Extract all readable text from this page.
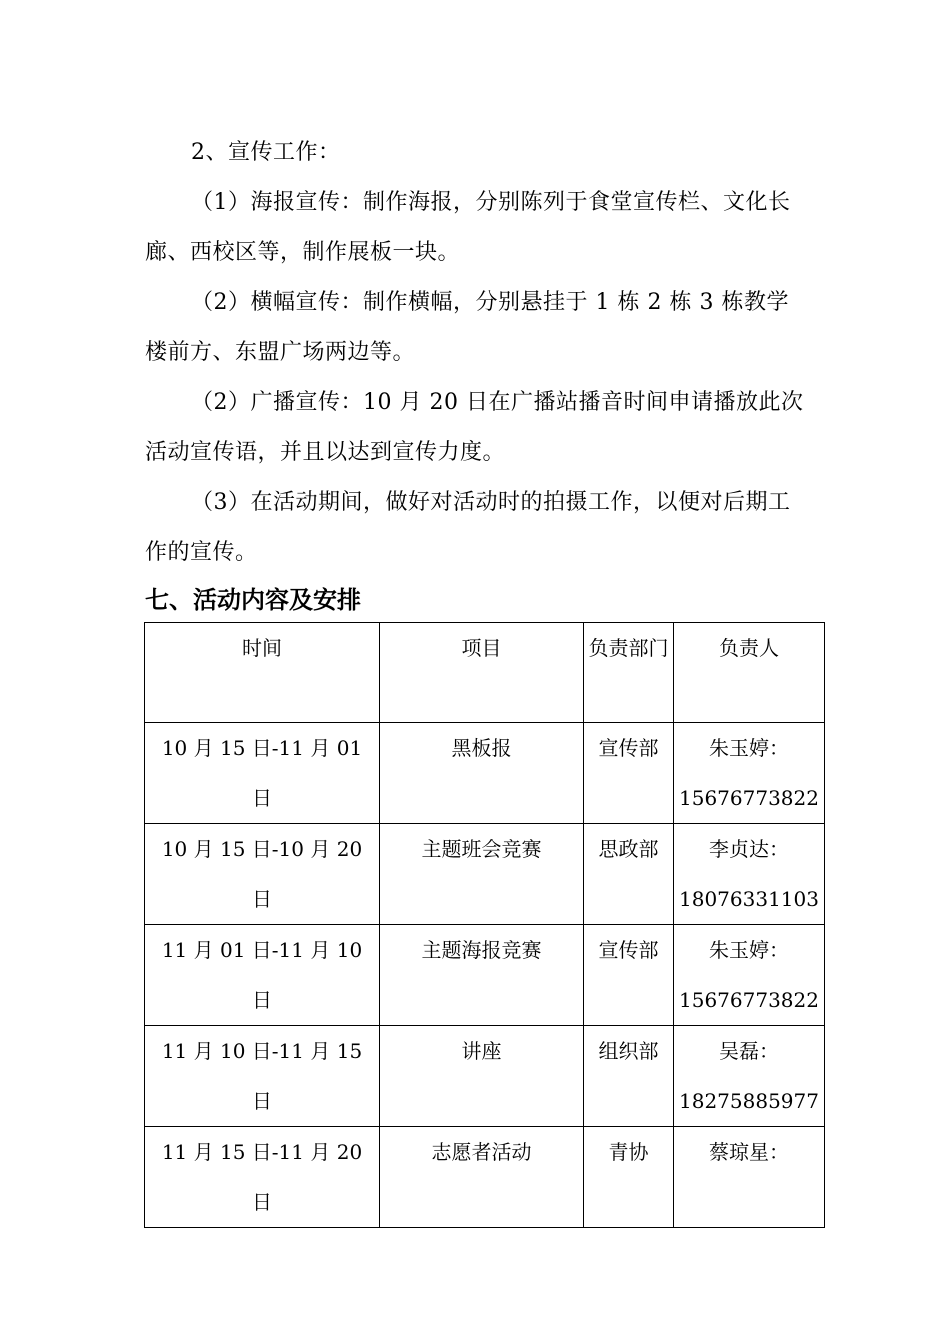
2、宣传工作：

（1）海报宣传：制作海报，分别陈列于食堂宣传栏、文化长廊、西校区等，制作展板一块。

（2）横幅宣传：制作横幅，分别悬挂于 1 栋 2 栋 3 栋教学楼前方、东盟广场两边等。

（2）广播宣传：10 月 20 日在广播站播音时间申请播放此次活动宣传语，并且以达到宣传力度。

（3）在活动期间，做好对活动时的拍摄工作，以便对后期工作的宣传。

七、活动内容及安排
时间	项目	负责部门	负责人

10 月 15 日-11 月 01 日	黑板报	宣传部	朱玉婷：
15676773822

10 月 15 日-10 月 20 日	主题班会竞赛	思政部	李贞达：
18076331103

11 月 01 日-11 月 10 日	主题海报竞赛	宣传部	朱玉婷：
15676773822

11 月 10 日-11 月 15 日	讲座	组织部	吴磊：
18275885977

11 月 15 日-11 月 20 日	志愿者活动	青协	蔡琼星：
